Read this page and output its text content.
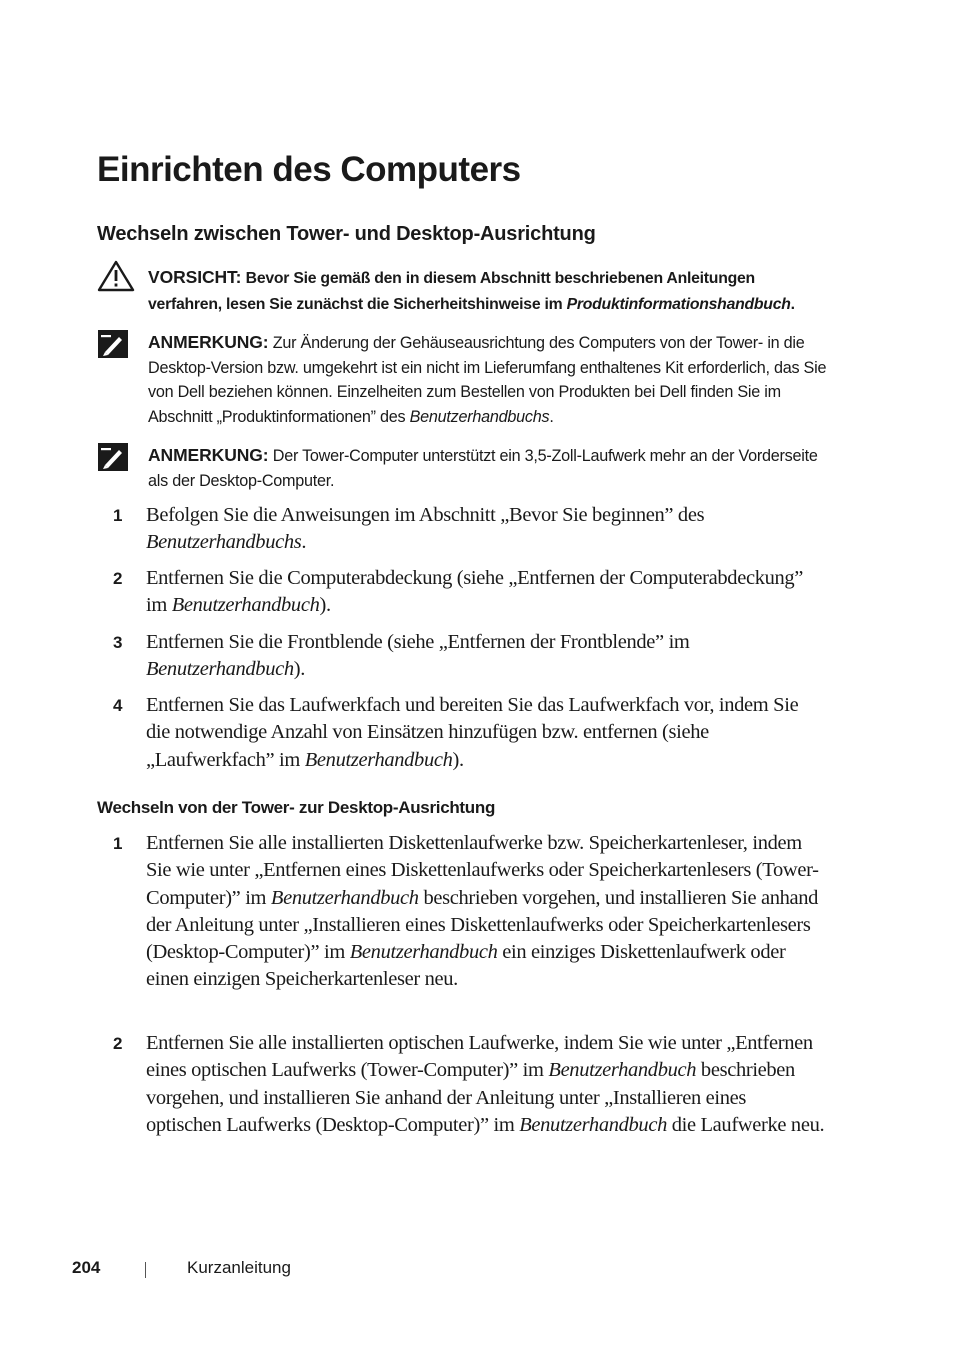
Einrichten des Computers
Wechseln zwischen Tower- und Desktop-Ausrichtung
VORSICHT: Bevor Sie gemäß den in diesem Abschnitt beschriebenen Anleitungen verfahren, lesen Sie zunächst die Sicherheitshinweise im Produktinformationshandbuch.
ANMERKUNG: Zur Änderung der Gehäuseausrichtung des Computers von der Tower- in die Desktop-Version bzw. umgekehrt ist ein nicht im Lieferumfang enthaltenes Kit erforderlich, das Sie von Dell beziehen können. Einzelheiten zum Bestellen von Produkten bei Dell finden Sie im Abschnitt „Produktinformationen” des Benutzerhandbuchs.
ANMERKUNG: Der Tower-Computer unterstützt ein 3,5-Zoll-Laufwerk mehr an der Vorderseite als der Desktop-Computer.
1 Befolgen Sie die Anweisungen im Abschnitt „Bevor Sie beginnen” des Benutzerhandbuchs.
2 Entfernen Sie die Computerabdeckung (siehe „Entfernen der Computerabdeckung” im Benutzerhandbuch).
3 Entfernen Sie die Frontblende (siehe „Entfernen der Frontblende” im Benutzerhandbuch).
4 Entfernen Sie das Laufwerkfach und bereiten Sie das Laufwerkfach vor, indem Sie die notwendige Anzahl von Einsätzen hinzufügen bzw. entfernen (siehe „Laufwerkfach” im Benutzerhandbuch).
Wechseln von der Tower- zur Desktop-Ausrichtung
1 Entfernen Sie alle installierten Diskettenlaufwerke bzw. Speicherkartenleser, indem Sie wie unter „Entfernen eines Diskettenlaufwerks oder Speicherkartenlesers (Tower-Computer)” im Benutzerhandbuch beschrieben vorgehen, und installieren Sie anhand der Anleitung unter „Installieren eines Diskettenlaufwerks oder Speicherkartenlesers (Desktop-Computer)” im Benutzerhandbuch ein einziges Diskettenlaufwerk oder einen einzigen Speicherkartenleser neu.
2 Entfernen Sie alle installierten optischen Laufwerke, indem Sie wie unter „Entfernen eines optischen Laufwerks (Tower-Computer)” im Benutzerhandbuch beschrieben vorgehen, und installieren Sie anhand der Anleitung unter „Installieren eines optischen Laufwerks (Desktop-Computer)” im Benutzerhandbuch die Laufwerke neu.
204	Kurzanleitung
